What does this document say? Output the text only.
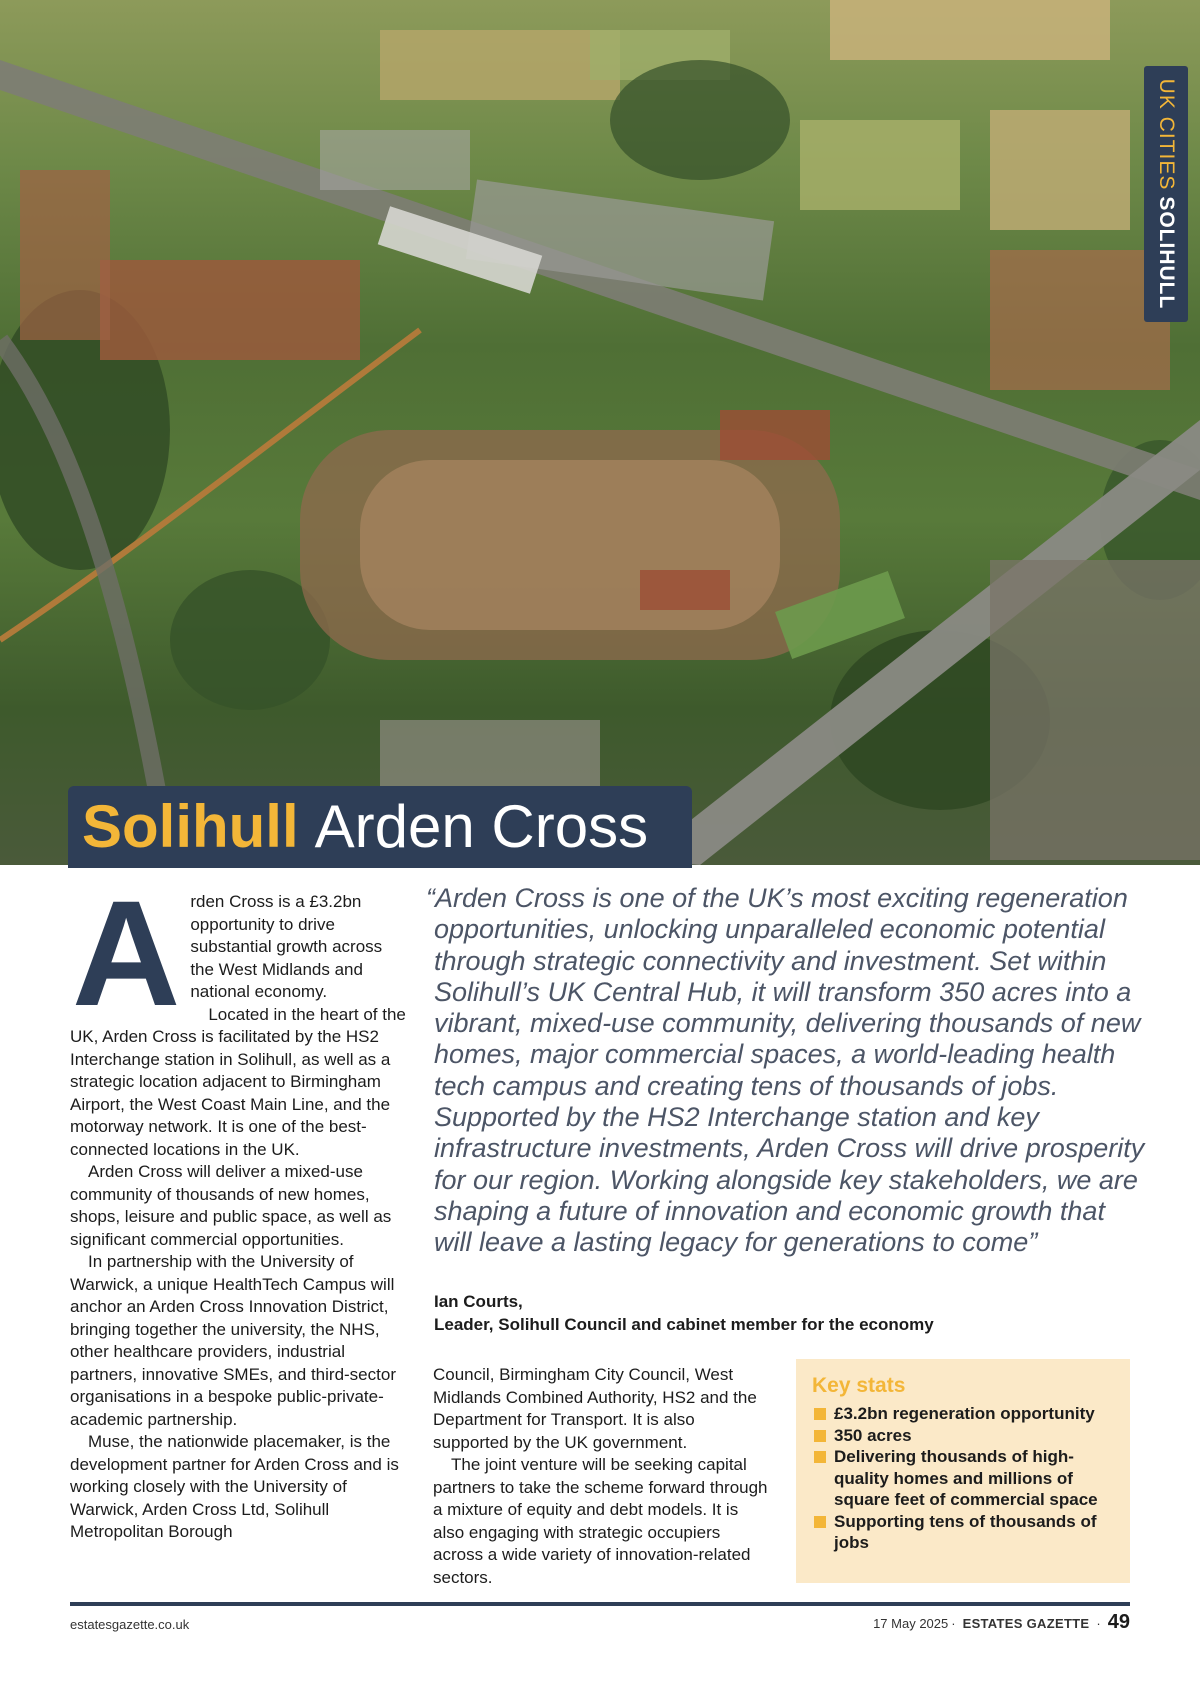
UK CITIESSOLIHULL
Solihull Arden Cross

Arden Cross is a £3.2bn opportunity to drive substantial growth across the West Midlands and national economy.

Located in the heart of the UK, Arden Cross is facilitated by the HS2 Interchange station in Solihull, as well as a strategic location adjacent to Birmingham Airport, the West Coast Main Line, and the motorway network. It is one of the best-connected locations in the UK.

Arden Cross will deliver a mixed-use community of thousands of new homes, shops, leisure and public space, as well as significant commercial opportunities.

In partnership with the University of Warwick, a unique HealthTech Campus will anchor an Arden Cross Innovation District, bringing together the university, the NHS, other healthcare providers, industrial partners, innovative SMEs, and third-sector organisations in a bespoke public-private-academic partnership.

Muse, the nationwide placemaker, is the development partner for Arden Cross and is working closely with the University of Warwick, Arden Cross Ltd, Solihull Metropolitan Borough

“Arden Cross is one of the UK’s most exciting regeneration opportunities, unlocking unparalleled economic potential through strategic connectivity and investment. Set within Solihull’s UK Central Hub, it will transform 350 acres into a vibrant, mixed-use community, delivering thousands of new homes, major commercial spaces, a world-leading health tech campus and creating tens of thousands of jobs. Supported by the HS2 Interchange station and key infrastructure investments, Arden Cross will drive prosperity for our region. Working alongside key stakeholders, we are shaping a future of innovation and economic growth that will leave a lasting legacy for generations to come”

Ian Courts,
Leader, Solihull Council and cabinet member for the economy

Council, Birmingham City Council, West Midlands Combined Authority, HS2 and the Department for Transport. It is also supported by the UK government.

The joint venture will be seeking capital partners to take the scheme forward through a mixture of equity and debt models. It is also engaging with strategic occupiers across a wide variety of innovation-related sectors.

Key stats
£3.2bn regeneration opportunity
350 acres
Delivering thousands of high-quality homes and millions of square feet of commercial space
Supporting tens of thousands of jobs
estatesgazette.co.uk	17 May 2025 · ESTATES GAZETTE · 49
